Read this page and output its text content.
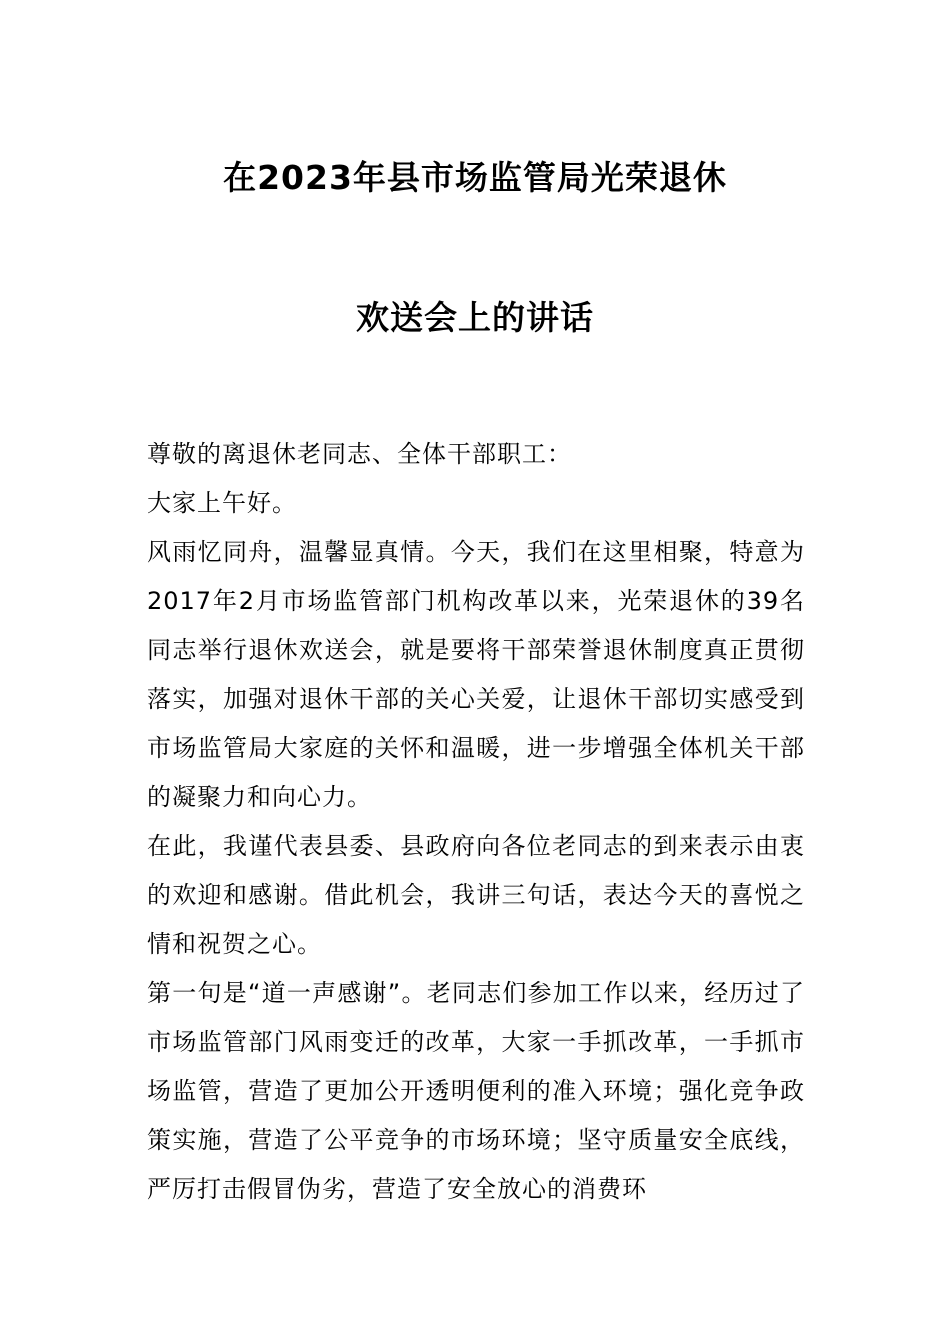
在2023年县市场监管局光荣退休
欢送会上的讲话

尊敬的离退休老同志、全体干部职工：

大家上午好。

风雨忆同舟，温馨显真情。今天，我们在这里相聚，特意为2017年2月市场监管部门机构改革以来，光荣退休的39名同志举行退休欢送会，就是要将干部荣誉退休制度真正贯彻落实，加强对退休干部的关心关爱，让退休干部切实感受到市场监管局大家庭的关怀和温暖，进一步增强全体机关干部的凝聚力和向心力。

在此，我谨代表县委、县政府向各位老同志的到来表示由衷的欢迎和感谢。借此机会，我讲三句话，表达今天的喜悦之情和祝贺之心。

第一句是“道一声感谢”。老同志们参加工作以来，经历过了市场监管部门风雨变迁的改革，大家一手抓改革，一手抓市场监管，营造了更加公开透明便利的准入环境；强化竞争政策实施，营造了公平竞争的市场环境；坚守质量安全底线，严厉打击假冒伪劣，营造了安全放心的消费环
